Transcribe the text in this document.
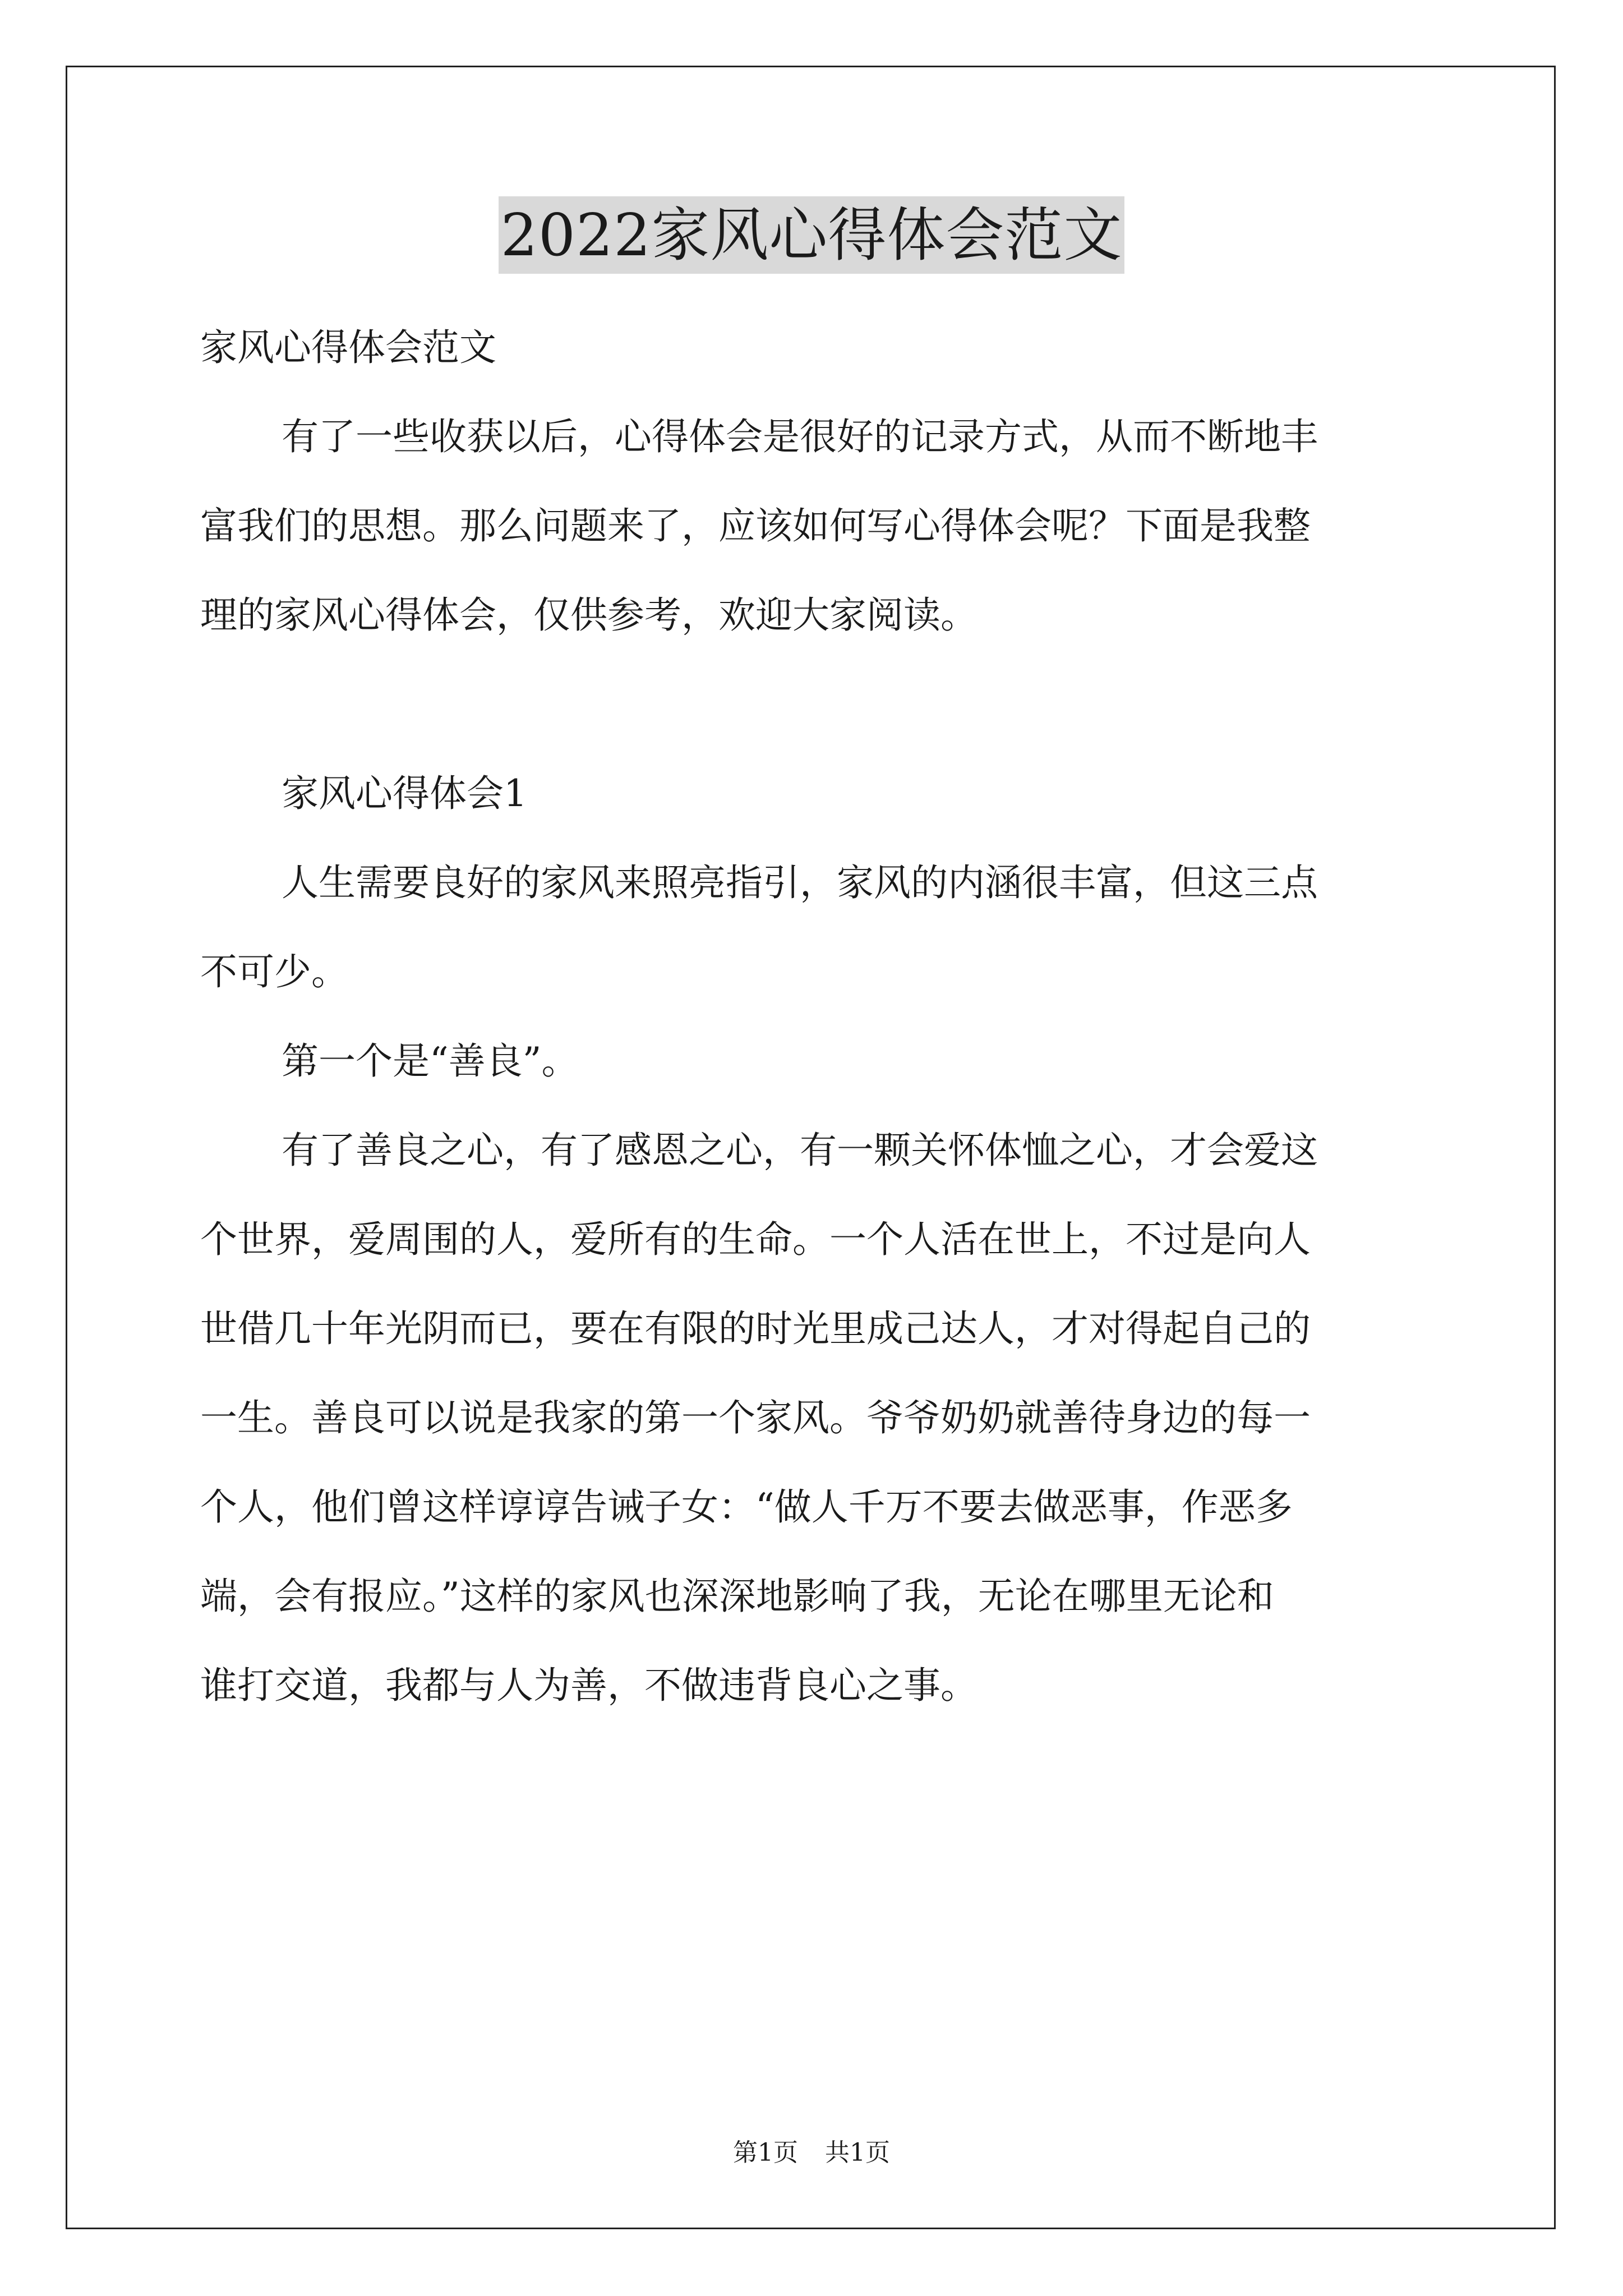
2022家风心得体会范文

家风心得体会范文

有了一些收获以后，心得体会是很好的记录方式，从而不断地丰

富我们的思想。那么问题来了，应该如何写心得体会呢？下面是我整

理的家风心得体会，仅供参考，欢迎大家阅读。

家风心得体会1

人生需要良好的家风来照亮指引，家风的内涵很丰富，但这三点

不可少。

第一个是“善良”。

有了善良之心，有了感恩之心，有一颗关怀体恤之心，才会爱这

个世界，爱周围的人，爱所有的生命。一个人活在世上，不过是向人

世借几十年光阴而已，要在有限的时光里成己达人，才对得起自己的

一生。善良可以说是我家的第一个家风。爷爷奶奶就善待身边的每一

个人，他们曾这样谆谆告诫子女：“做人千万不要去做恶事，作恶多

端，会有报应。”这样的家风也深深地影响了我，无论在哪里无论和

谁打交道，我都与人为善，不做违背良心之事。

第1页 共1页
